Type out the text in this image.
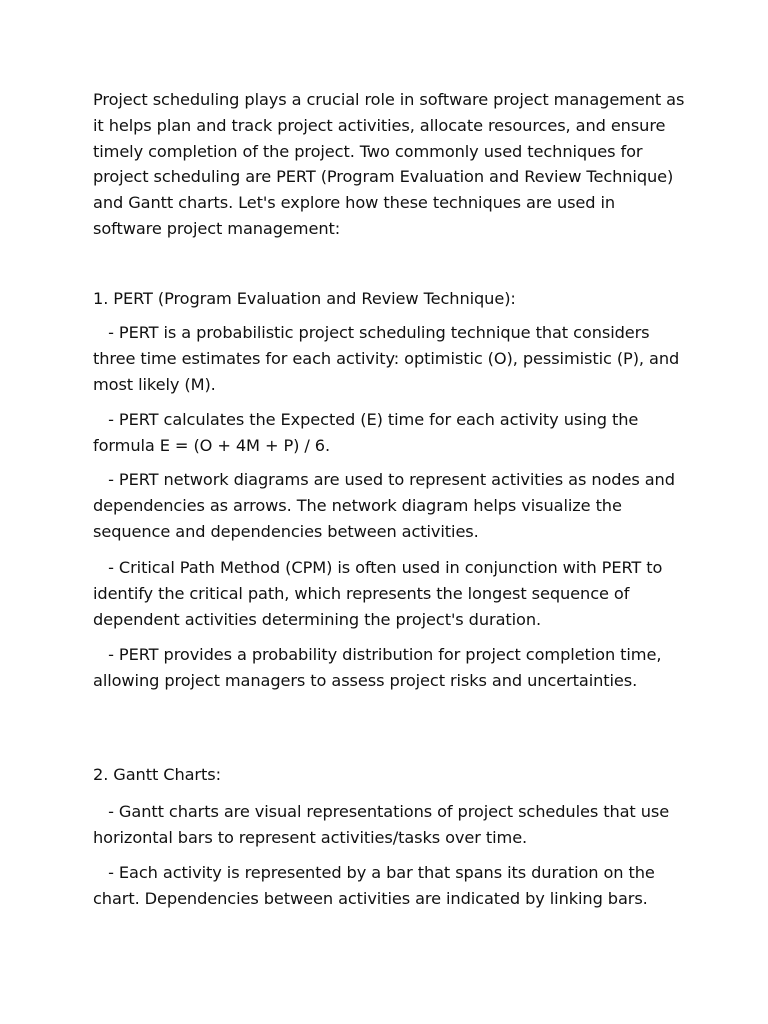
Project scheduling plays a crucial role in software project management as it helps plan and track project activities, allocate resources, and ensure timely completion of the project. Two commonly used techniques for project scheduling are PERT (Program Evaluation and Review Technique) and Gantt charts. Let's explore how these techniques are used in software project management:

1. PERT (Program Evaluation and Review Technique):

- PERT is a probabilistic project scheduling technique that considers three time estimates for each activity: optimistic (O), pessimistic (P), and most likely (M).

- PERT calculates the Expected (E) time for each activity using the formula E = (O + 4M + P) / 6.

- PERT network diagrams are used to represent activities as nodes and dependencies as arrows. The network diagram helps visualize the sequence and dependencies between activities.

- Critical Path Method (CPM) is often used in conjunction with PERT to identify the critical path, which represents the longest sequence of dependent activities determining the project's duration.

- PERT provides a probability distribution for project completion time, allowing project managers to assess project risks and uncertainties.

2. Gantt Charts:

- Gantt charts are visual representations of project schedules that use horizontal bars to represent activities/tasks over time.

- Each activity is represented by a bar that spans its duration on the chart. Dependencies between activities are indicated by linking bars.
